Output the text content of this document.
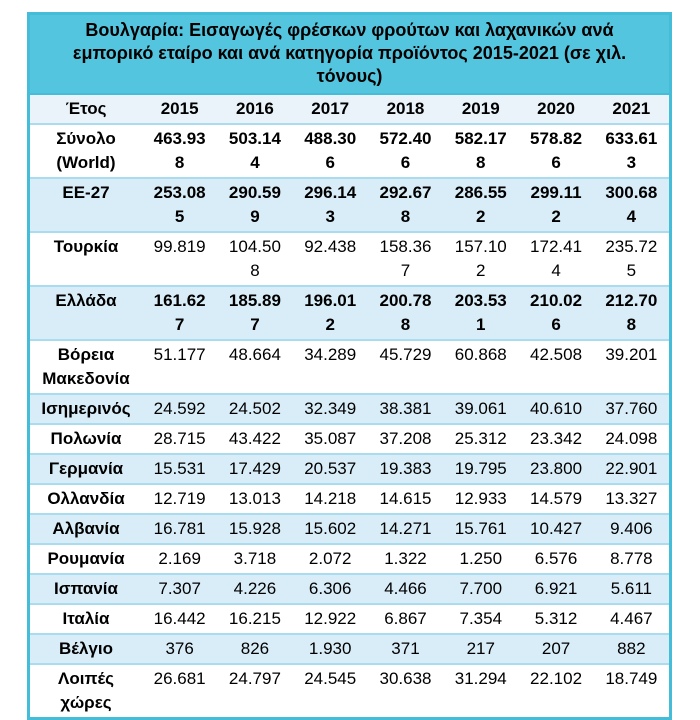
Βουλγαρία: Εισαγωγές φρέσκων φρούτων και λαχανικών ανά εμπορικό εταίρο και ανά κατηγορία προϊόντος 2015-2021 (σε χιλ. τόνους)
Έτος	2015	2016	2017	2018	2019	2020	2021
Σύνολο (World)	463.938	503.144	488.306	572.406	582.178	578.826	633.613
ΕΕ-27	253.085	290.599	296.143	292.678	286.552	299.112	300.684
Τουρκία	99.819	104.508	92.438	158.367	157.102	172.414	235.725
Ελλάδα	161.627	185.897	196.012	200.788	203.531	210.026	212.708
Βόρεια Μακεδονία	51.177	48.664	34.289	45.729	60.868	42.508	39.201
Ισημερινός	24.592	24.502	32.349	38.381	39.061	40.610	37.760
Πολωνία	28.715	43.422	35.087	37.208	25.312	23.342	24.098
Γερμανία	15.531	17.429	20.537	19.383	19.795	23.800	22.901
Ολλανδία	12.719	13.013	14.218	14.615	12.933	14.579	13.327
Αλβανία	16.781	15.928	15.602	14.271	15.761	10.427	9.406
Ρουμανία	2.169	3.718	2.072	1.322	1.250	6.576	8.778
Ισπανία	7.307	4.226	6.306	4.466	7.700	6.921	5.611
Ιταλία	16.442	16.215	12.922	6.867	7.354	5.312	4.467
Βέλγιο	376	826	1.930	371	217	207	882
Λοιπές χώρες	26.681	24.797	24.545	30.638	31.294	22.102	18.749
